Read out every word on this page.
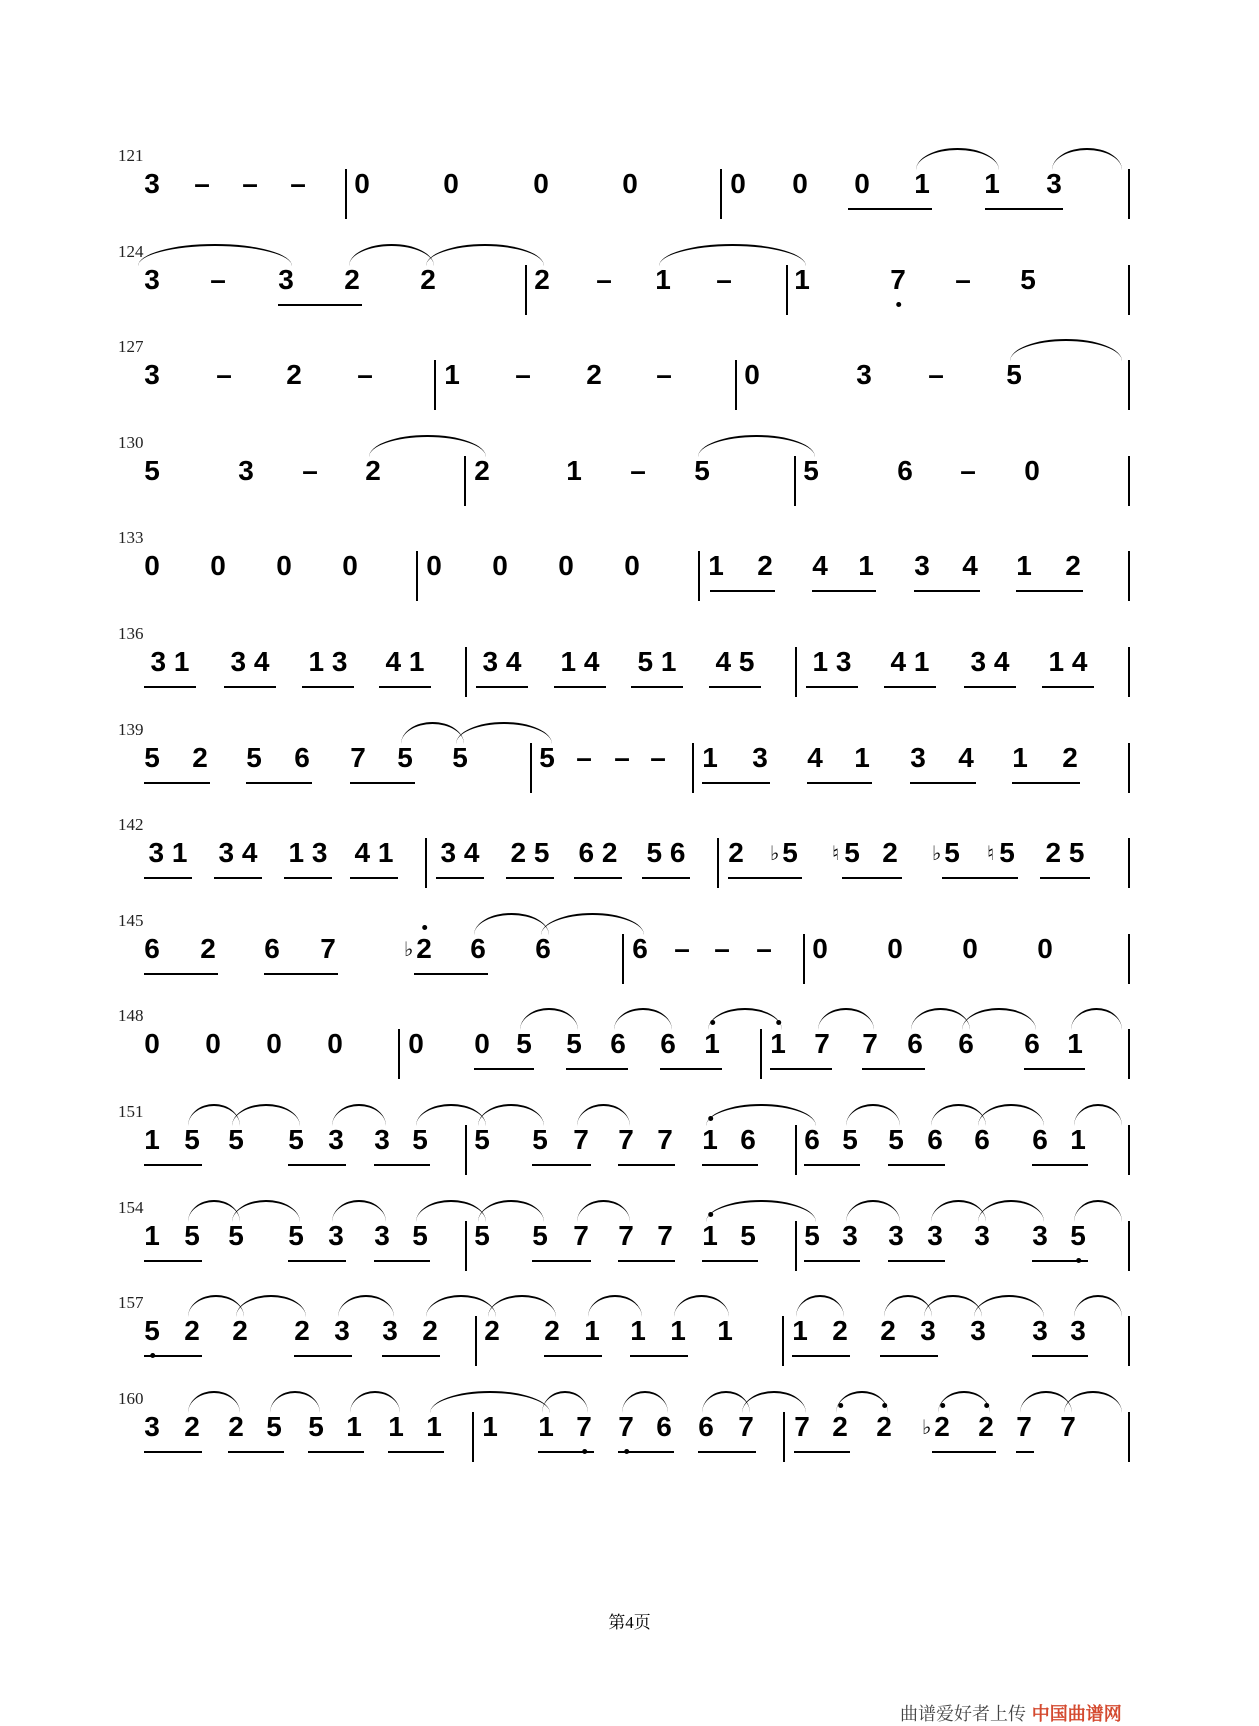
121
3 – – – 0	0	0	0	0 0 0 1 1 3
124
3 – 3 2 2	2 – 1 – 1	7 – 5
127
3 – 2 –	1 – 2 –	0	3 – 5
130
5	3 – 2	2	1 – 5	5	6 – 0
133
0 0 0 0 0 0 0 0 1 2 4 1 3 4 1 2
136
3 1 3 4 1 3 4 1 3 4 1 4 5 1 4 5 1 3 4 1 3 4 1 4
139
5 2 5 6 7 5 5	5 – – – 1 3 4 1 3 4 1 2
142
3 1 3 4 1 3 4 1 3 4 2 5 6 2 5 6 2 5
♭ 5
♮ 2 5
♭ 5
♮ 2 5
145
6 2 6 7	2
♭ 6 6	6 – – – 0 0 0 0
148
0 0 0 0 0 0 5 5 6 6 1 1 7 7 6 6 6 1
151
1 5 5 5 3 3 5 5 5 7 7 7 1 6 6 5 5 6 6 6 1
154
1 5 5 5 3 3 5 5 5 7 7 7 1 5 5 3 3 3 3 3 5
157
5 2 2 2 3 3 2 2 2 1 1 1 1 1 2 2 3 3 3 3
160
3 2 2 5 5 1 1 1 1 1 7 7 6 6 7 7 2 2 2
♭ 2 7 7
第4页
曲谱爱好者上传 中国曲谱网
